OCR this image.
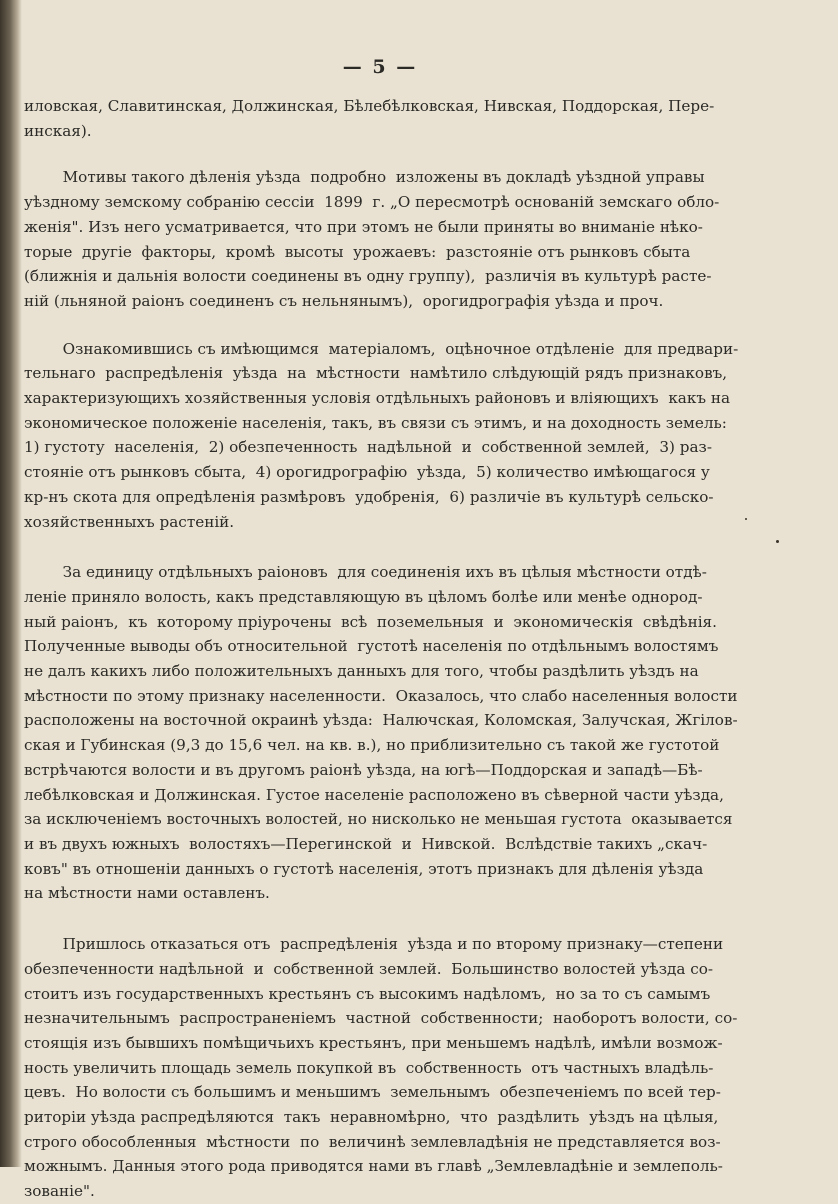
— 5 —

иловская, Славитинская, Должинская, Бѣлебѣлковская, Нивская, Поддорская, Пере-
инская).

Мотивы такого дѣленія уѣзда  подробно  изложены въ докладѣ уѣздной управы
уѣздному земскому собранію сессіи  1899  г. „О пересмотрѣ основаній земскаго обло-
женія". Изъ него усматривается, что при этомъ не были приняты во вниманіе нѣко-
торые  другіе  факторы,  кромѣ  высоты  урожаевъ:  разстояніе отъ рынковъ сбыта
(ближнія и дальнія волости соединены въ одну группу),  различія въ культурѣ расте-
ній (льняной раіонъ соединенъ съ нельнянымъ),  орогидрографія уѣзда и проч.

Ознакомившись съ имѣющимся  матеріаломъ,  оцѣночное отдѣленіе  для предвари-
тельнаго  распредѣленія  уѣзда  на  мѣстности  намѣтило слѣдующій рядъ признаковъ,
характеризующихъ хозяйственныя условія отдѣльныхъ районовъ и вліяющихъ  какъ на
экономическое положеніе населенія, такъ, въ связи съ этимъ, и на доходность земель:
1) густоту  населенія,  2) обезпеченность  надѣльной  и  собственной землей,  3) раз-
стояніе отъ рынковъ сбыта,  4) орогидрографію  уѣзда,  5) количество имѣющагося у
кр-нъ скота для опредѣленія размѣровъ  удобренія,  6) различіе въ культурѣ сельско-
хозяйственныхъ растеній.

За единицу отдѣльныхъ раіоновъ  для соединенія ихъ въ цѣлыя мѣстности отдѣ-
леніе приняло волость, какъ представляющую въ цѣломъ болѣе или менѣе однород-
ный раіонъ,  къ  которому пріурочены  всѣ  поземельныя  и  экономическія  свѣдѣнія.
Полученные выводы объ относительной  густотѣ населенія по отдѣльнымъ волостямъ
не далъ какихъ либо положительныхъ данныхъ для того, чтобы раздѣлить уѣздъ на
мѣстности по этому признаку населенности.  Оказалось, что слабо населенныя волости
расположены на восточной окраинѣ уѣзда:  Налючская, Коломская, Залучская, Жгілов-
ская и Губинская (9,3 до 15,6 чел. на кв. в.), но приблизительно съ такой же густотой
встрѣчаются волости и въ другомъ раіонѣ уѣзда, на югѣ—Поддорская и западѣ—Бѣ-
лебѣлковская и Должинская. Густое населеніе расположено въ сѣверной части уѣзда,
за исключеніемъ восточныхъ волостей, но нисколько не меньшая густота  оказывается
и въ двухъ южныхъ  волостяхъ—Перегинской  и  Нивской.  Вслѣдствіе такихъ „скач-
ковъ" въ отношеніи данныхъ о густотѣ населенія, этотъ признакъ для дѣленія уѣзда
на мѣстности нами оставленъ.

Пришлось отказаться отъ  распредѣленія  уѣзда и по второму признаку—степени
обезпеченности надѣльной  и  собственной землей.  Большинство волостей уѣзда со-
стоитъ изъ государственныхъ крестьянъ съ высокимъ надѣломъ,  но за то съ самымъ
незначительнымъ  распространеніемъ  частной  собственности;  наоборотъ волости, со-
стоящія изъ бывшихъ помѣщичьихъ крестьянъ, при меньшемъ надѣлѣ, имѣли возмож-
ность увеличить площадь земель покупкой въ  собственность  отъ частныхъ владѣль-
цевъ.  Но волости съ большимъ и меньшимъ  земельнымъ  обезпеченіемъ по всей тер-
риторіи уѣзда распредѣляются  такъ  неравномѣрно,  что  раздѣлить  уѣздъ на цѣлыя,
строго обособленныя  мѣстности  по  величинѣ землевладѣнія не представляется воз-
можнымъ. Данныя этого рода приводятся нами въ главѣ „Землевладѣніе и землеполь-
зованіе".
